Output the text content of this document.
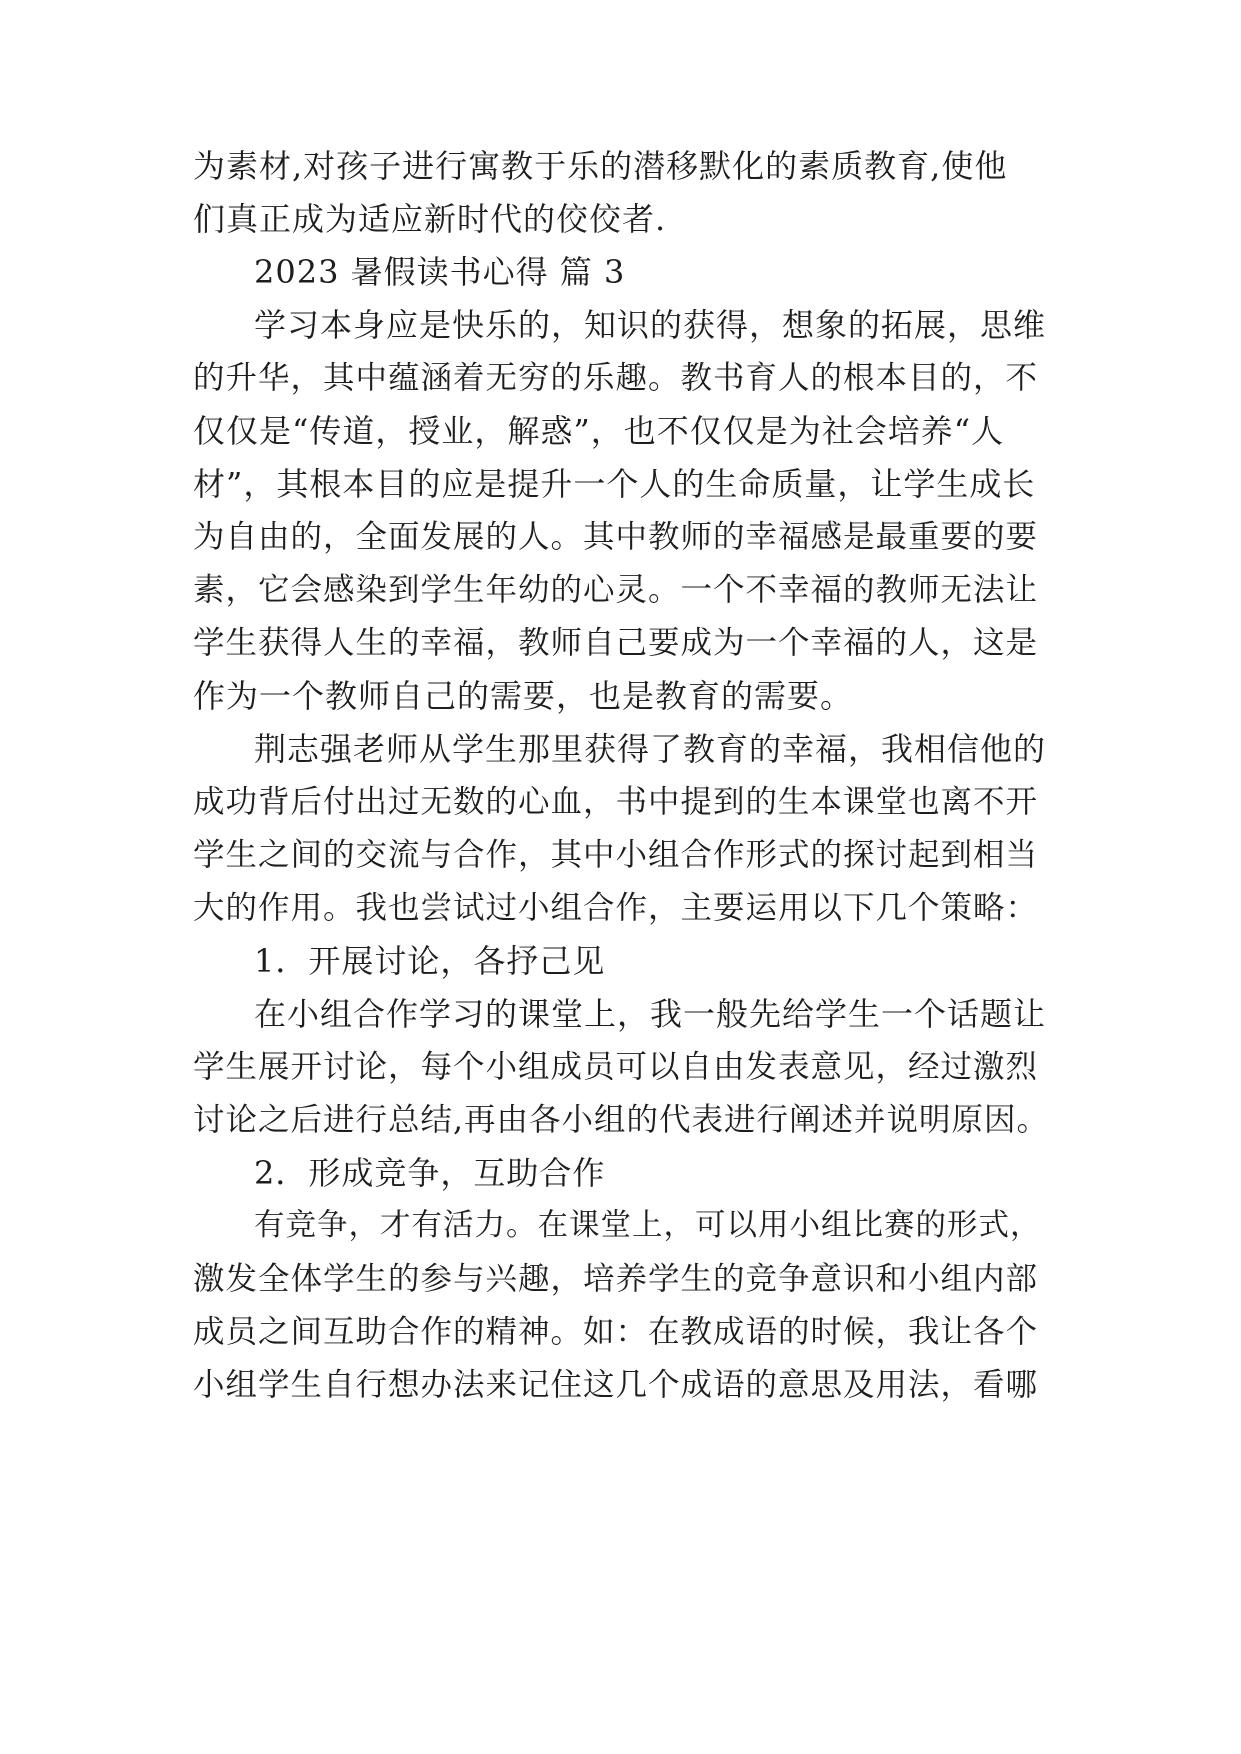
为素材,对孩子进行寓教于乐的潜移默化的素质教育,使他
们真正成为适应新时代的佼佼者.
2023 暑假读书心得 篇 3
学习本身应是快乐的，知识的获得，想象的拓展，思维
的升华，其中蕴涵着无穷的乐趣。教书育人的根本目的，不
仅仅是“传道，授业，解惑”，也不仅仅是为社会培养“人
材”，其根本目的应是提升一个人的生命质量，让学生成长
为自由的，全面发展的人。其中教师的幸福感是最重要的要
素，它会感染到学生年幼的心灵。一个不幸福的教师无法让
学生获得人生的幸福，教师自己要成为一个幸福的人，这是
作为一个教师自己的需要，也是教育的需要。
荆志强老师从学生那里获得了教育的幸福，我相信他的
成功背后付出过无数的心血，书中提到的生本课堂也离不开
学生之间的交流与合作，其中小组合作形式的探讨起到相当
大的作用。我也尝试过小组合作，主要运用以下几个策略：
1．开展讨论，各抒己见
在小组合作学习的课堂上，我一般先给学生一个话题让
学生展开讨论，每个小组成员可以自由发表意见，经过激烈
讨论之后进行总结,再由各小组的代表进行阐述并说明原因。
2．形成竞争，互助合作
有竞争，才有活力。在课堂上，可以用小组比赛的形式，
激发全体学生的参与兴趣，培养学生的竞争意识和小组内部
成员之间互助合作的精神。如：在教成语的时候，我让各个
小组学生自行想办法来记住这几个成语的意思及用法，看哪
